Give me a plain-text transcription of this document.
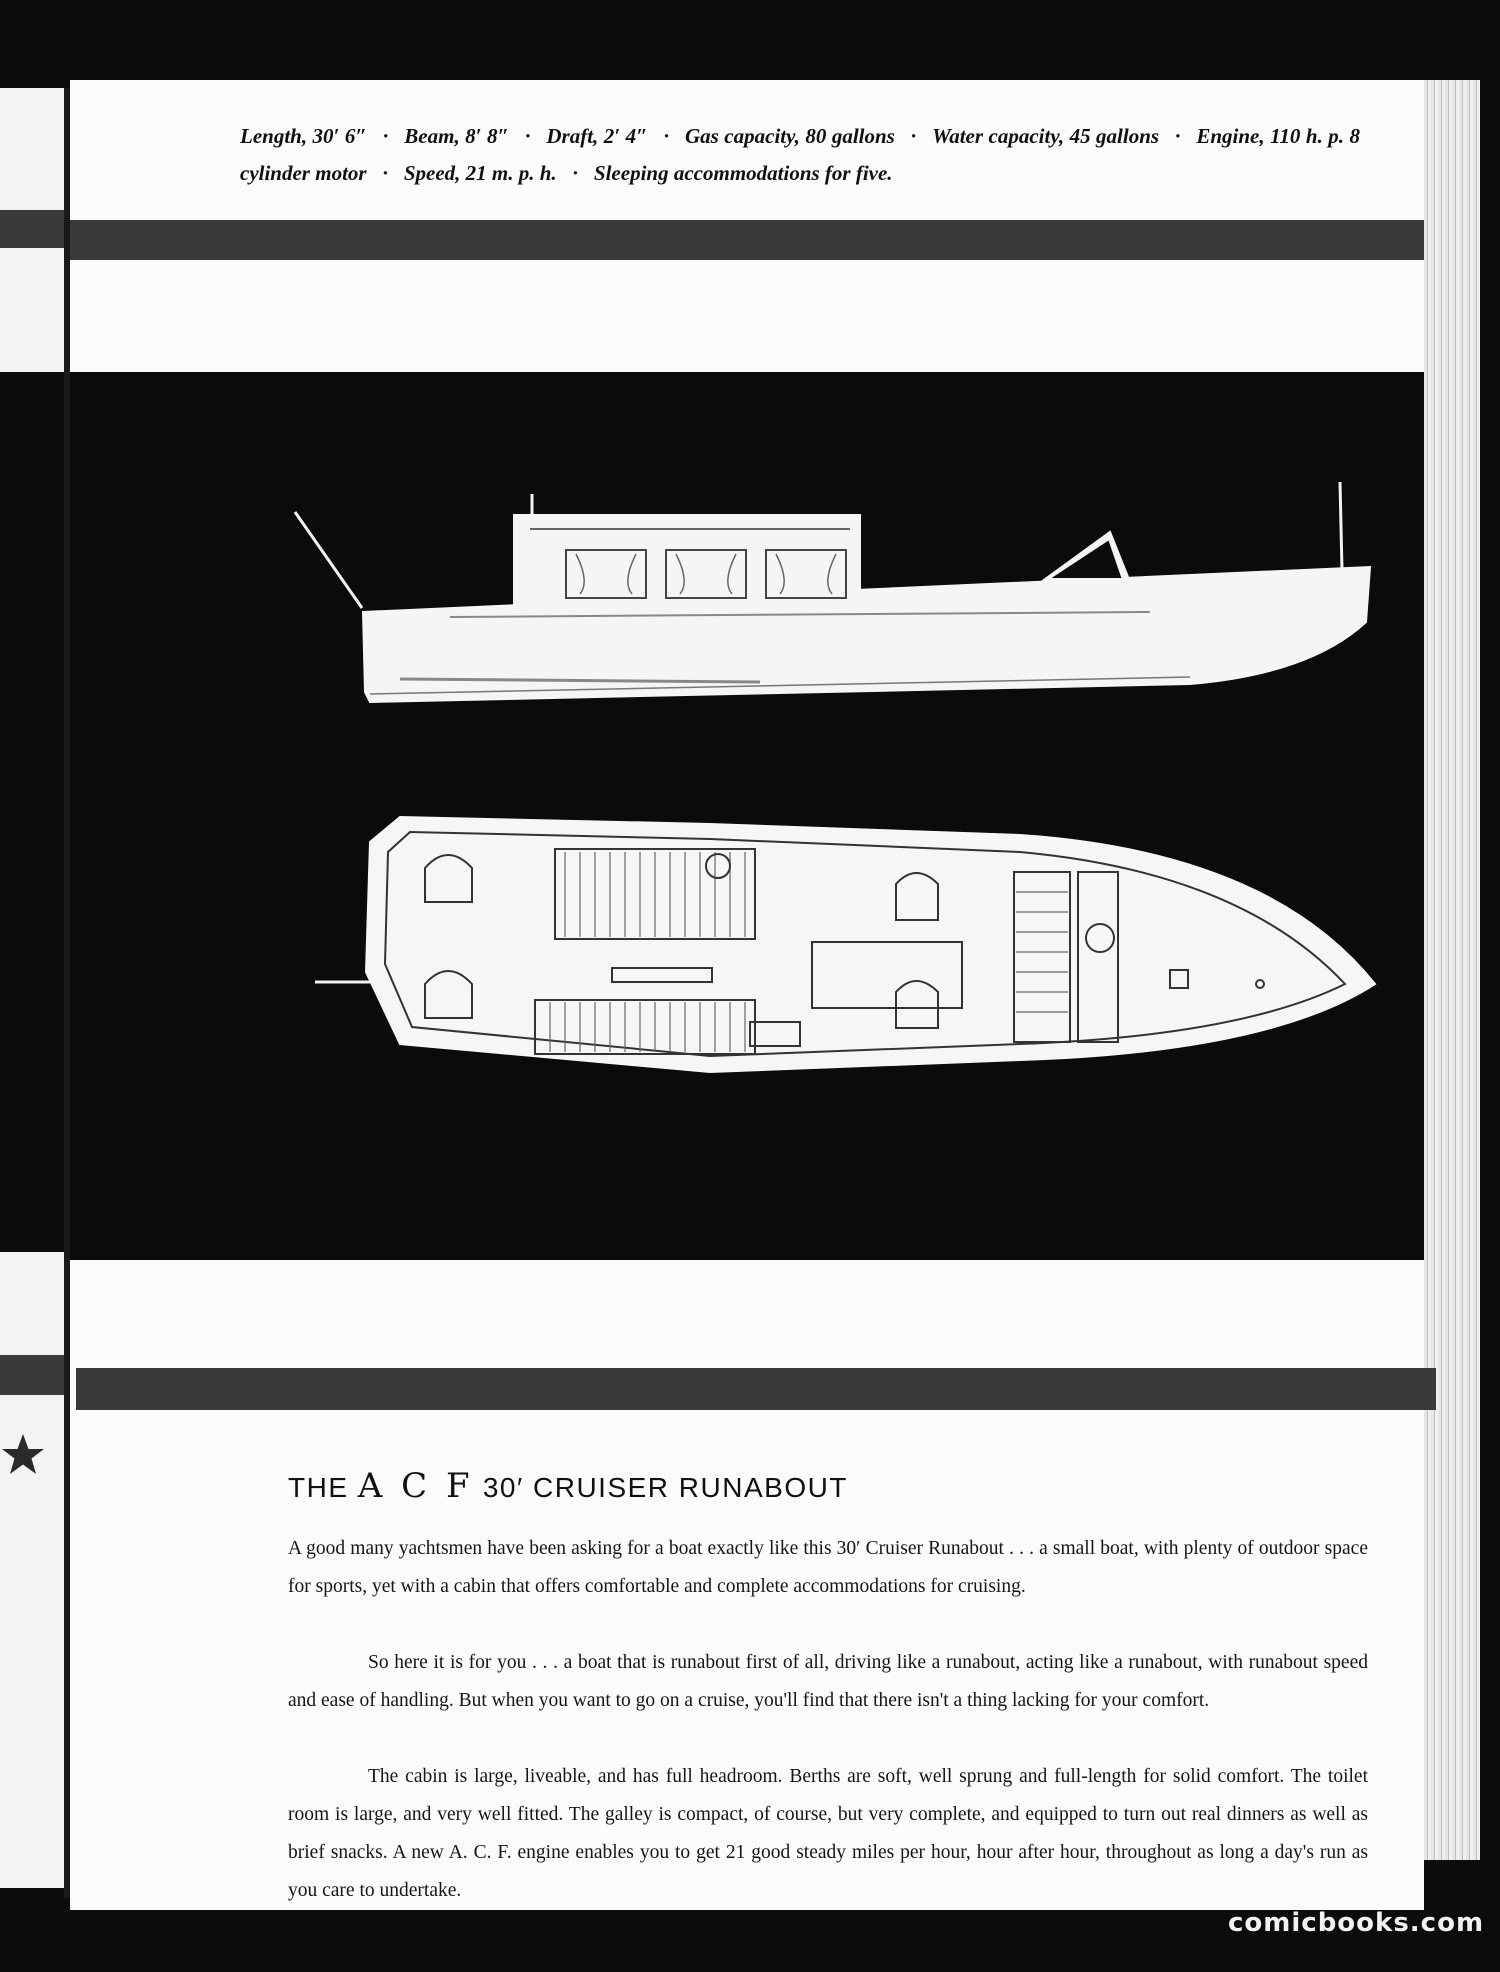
Length, 30′ 6″ · Beam, 8′ 8″ · Draft, 2′ 4″ · Gas capacity, 80 gallons · Water capacity, 45 gallons · Engine, 110 h. p. 8 cylinder motor · Speed, 21 m. p. h. · Sleeping accommodations for five.
THE A C F 30′ CRUISER RUNABOUT
A good many yachtsmen have been asking for a boat exactly like this 30′ Cruiser Runabout . . . a small boat, with plenty of outdoor space for sports, yet with a cabin that offers comfortable and complete accommodations for cruising.
So here it is for you . . . a boat that is runabout first of all, driving like a runabout, acting like a runabout, with runabout speed and ease of handling. But when you want to go on a cruise, you'll find that there isn't a thing lacking for your comfort.
The cabin is large, liveable, and has full headroom. Berths are soft, well sprung and full-length for solid comfort. The toilet room is large, and very well fitted. The galley is compact, of course, but very complete, and equipped to turn out real dinners as well as brief snacks. A new A. C. F. engine enables you to get 21 good steady miles per hour, hour after hour, throughout as long a day's run as you care to undertake.
comicbooks.com
